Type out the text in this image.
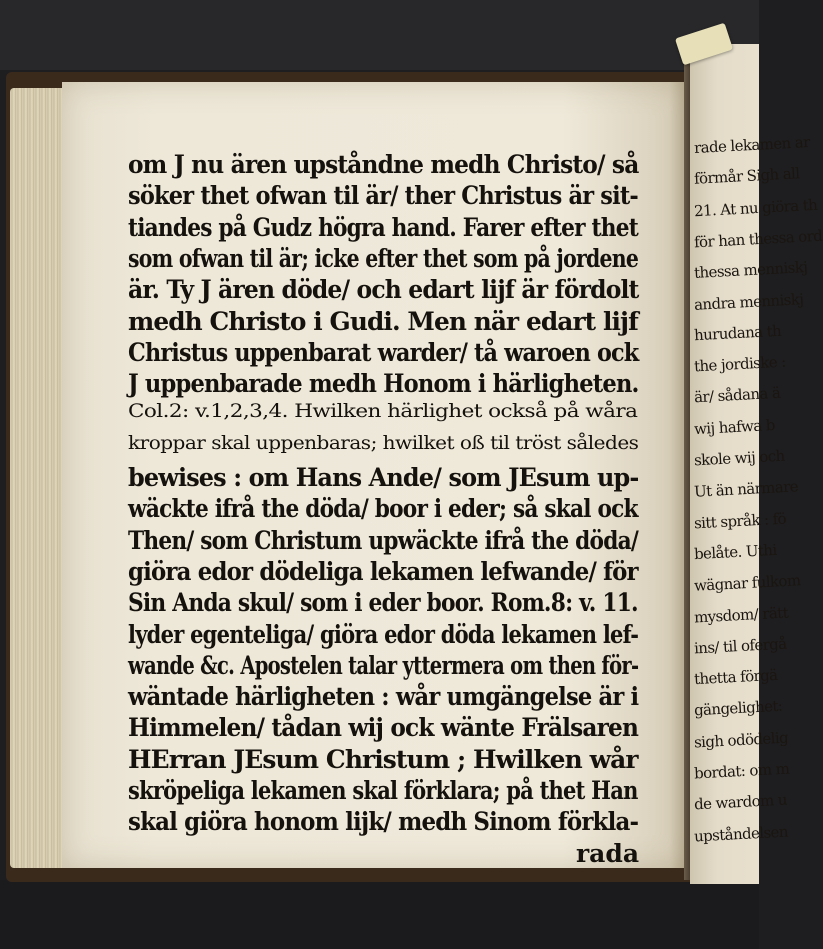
rade lekamen ar
förmår Sigh all
21. At nu giöra th
för han thessa ord
thessa menniskj
andra menniskj
hurudana th
the jordiske :
är/ sådana ä
wij hafwa b
skole wij och
Ut än närmare
sitt språk : fö
belåte. Uthi
wägnar fulkom
mysdom/ rätt
ins/ til ofergå
thetta förgä
gängelighet:
sigh odödelig
bordat: om m
de wardom u
upståndelsen
om J nu ären upståndne medh Christo/ så
söker thet ofwan til är/ ther Christus är sit-
tiandes på Gudz högra hand. Farer efter thet
som ofwan til är; icke efter thet som på jordene
är. Ty J ären döde/ och edart lijf är fördolt
medh Christo i Gudi. Men när edart lijf
Christus uppenbarat warder/ tå waroen ock
J uppenbarade medh Honom i härligheten.
Col.2: v.1,2,3,4. Hwilken härlighet också på wåra
kroppar skal uppenbaras; hwilket oß til tröst således
bewises : om Hans Ande/ som JEsum up-
wäckte ifrå the döda/ boor i eder; så skal ock
Then/ som Christum upwäckte ifrå the döda/
giöra edor dödeliga lekamen lefwande/ för
Sin Anda skul/ som i eder boor. Rom.8: v. 11.
lyder egenteliga/ giöra edor döda lekamen lef-
wande &c. Apostelen talar yttermera om then för-
wäntade härligheten : wår umgängelse är i
Himmelen/ tådan wij ock wänte Frälsaren
HErran JEsum Christum ; Hwilken wår
skröpeliga lekamen skal förklara; på thet Han
skal giöra honom lijk/ medh Sinom förkla-
rada
